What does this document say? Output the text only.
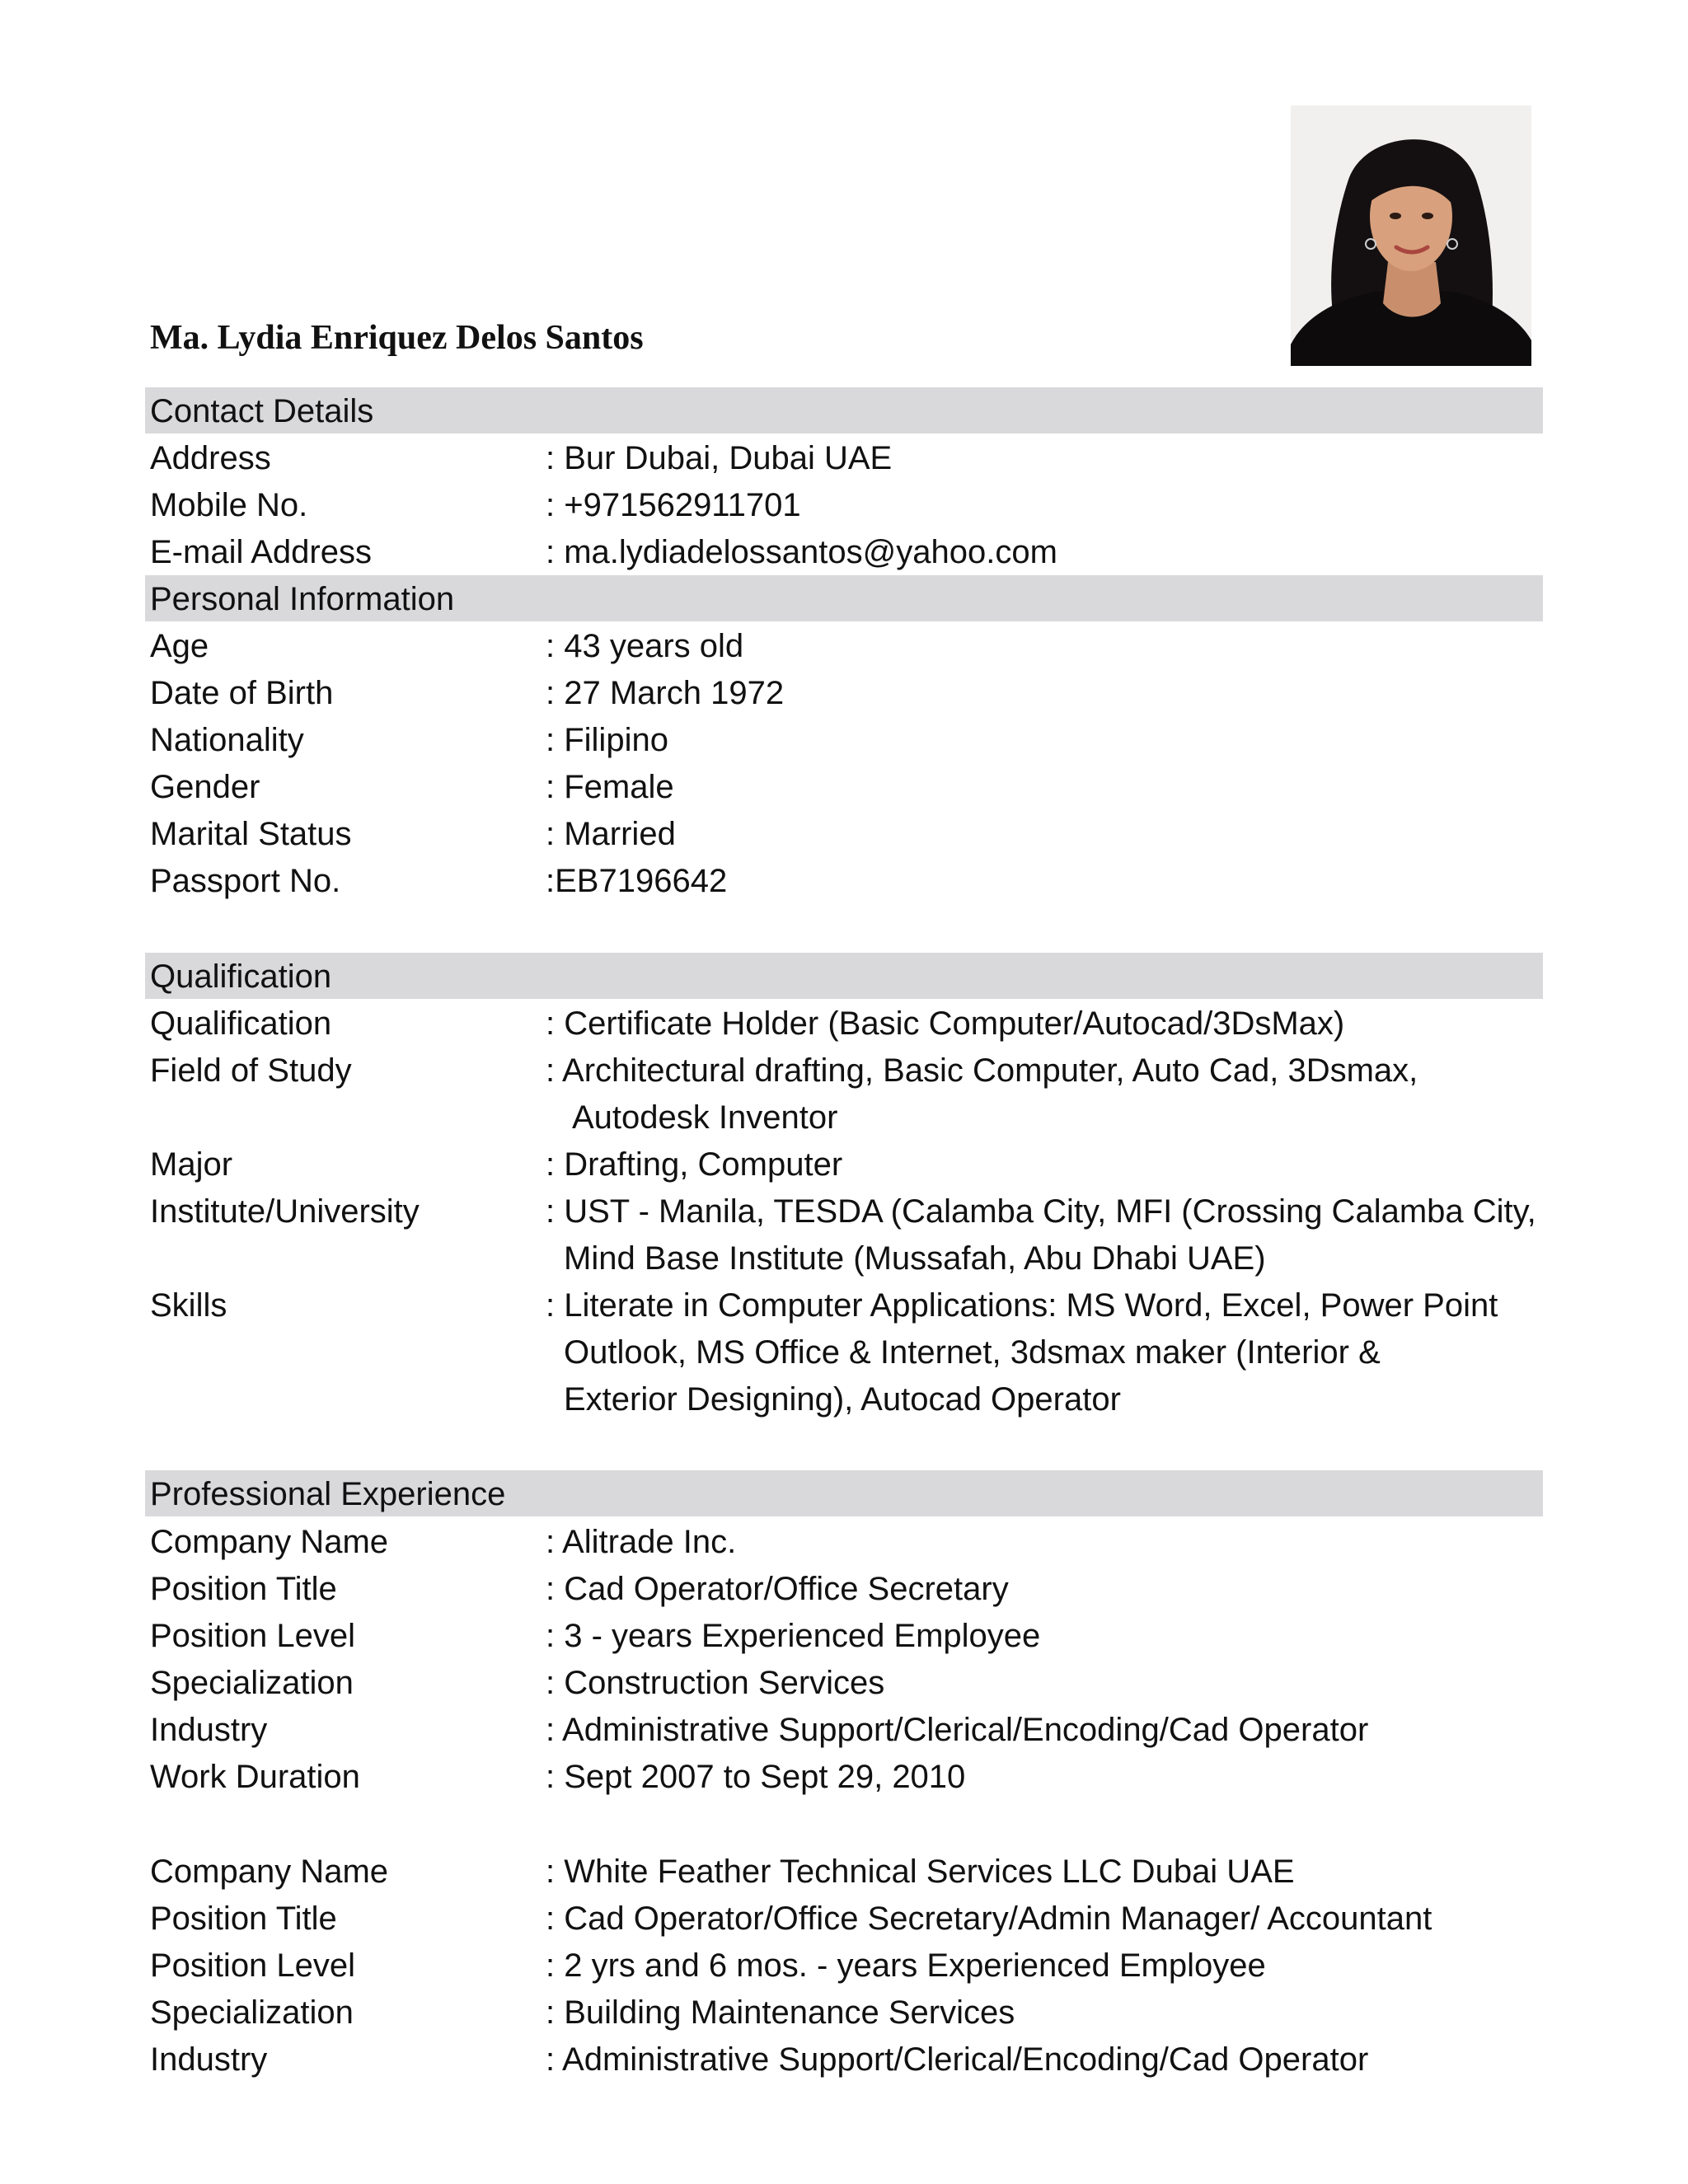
Ma. Lydia Enriquez Delos Santos
Contact Details
Address	: Bur Dubai, Dubai UAE
Mobile No.	: +971562911701
E-mail Address	: ma.lydiadelossantos@yahoo.com
Personal Information
Age	: 43 years old
Date of Birth	: 27 March 1972
Nationality	: Filipino
Gender	: Female
Marital Status	: Married
Passport No.	:EB7196642
Qualification
Qualification	: Certificate Holder (Basic Computer/Autocad/3DsMax)
Field of Study	: Architectural drafting, Basic Computer, Auto Cad, 3Dsmax,
Autodesk Inventor
Major	: Drafting, Computer
Institute/University	: UST - Manila, TESDA (Calamba City, MFI (Crossing Calamba City,
Mind Base Institute (Mussafah, Abu Dhabi UAE)
Skills	: Literate in Computer Applications: MS Word, Excel, Power Point
Outlook, MS Office & Internet, 3dsmax maker (Interior &
Exterior Designing), Autocad Operator
Professional Experience
Company Name	: Alitrade Inc.
Position Title	: Cad Operator/Office Secretary
Position Level	: 3 - years Experienced Employee
Specialization	: Construction Services
Industry	: Administrative Support/Clerical/Encoding/Cad Operator
Work Duration	: Sept 2007 to Sept 29, 2010
Company Name	: White Feather Technical Services LLC Dubai UAE
Position Title	: Cad Operator/Office Secretary/Admin Manager/ Accountant
Position Level	: 2 yrs and 6 mos. - years Experienced Employee
Specialization	: Building Maintenance Services
Industry	: Administrative Support/Clerical/Encoding/Cad Operator
